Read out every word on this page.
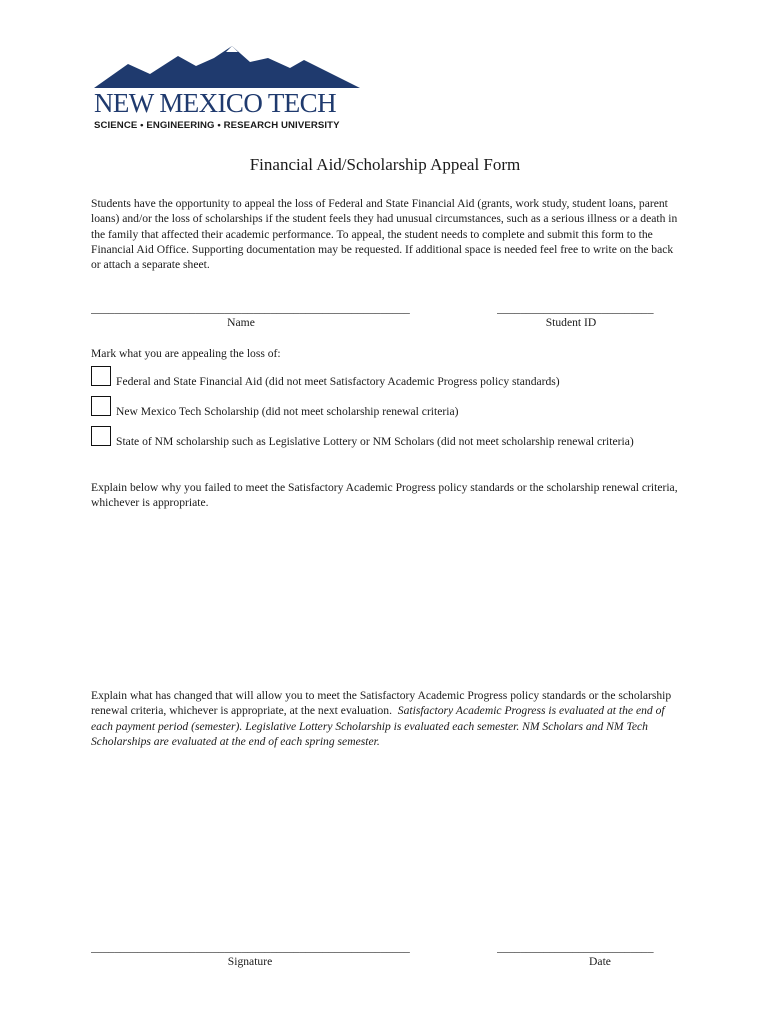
NEW MEXICO TECH
SCIENCE • ENGINEERING • RESEARCH UNIVERSITY
Financial Aid/Scholarship Appeal Form
Students have the opportunity to appeal the loss of Federal and State Financial Aid (grants, work study, student loans, parent loans) and/or the loss of scholarships if the student feels they had unusual circumstances, such as a serious illness or a death in the family that affected their academic performance. To appeal, the student needs to complete and submit this form to the Financial Aid Office. Supporting documentation may be requested. If additional space is needed feel free to write on the back or attach a separate sheet.
_______________________________________________________
Name
___________________________
Student ID
Mark what you are appealing the loss of:
Federal and State Financial Aid (did not meet Satisfactory Academic Progress policy standards)
New Mexico Tech Scholarship (did not meet scholarship renewal criteria)
State of NM scholarship such as Legislative Lottery or NM Scholars (did not meet scholarship renewal criteria)
Explain below why you failed to meet the Satisfactory Academic Progress policy standards or the scholarship renewal criteria, whichever is appropriate.
Explain what has changed that will allow you to meet the Satisfactory Academic Progress policy standards or the scholarship renewal criteria, whichever is appropriate, at the next evaluation. Satisfactory Academic Progress is evaluated at the end of each payment period (semester). Legislative Lottery Scholarship is evaluated each semester. NM Scholars and NM Tech Scholarships are evaluated at the end of each spring semester.
_______________________________________________________
Signature
___________________________
Date
